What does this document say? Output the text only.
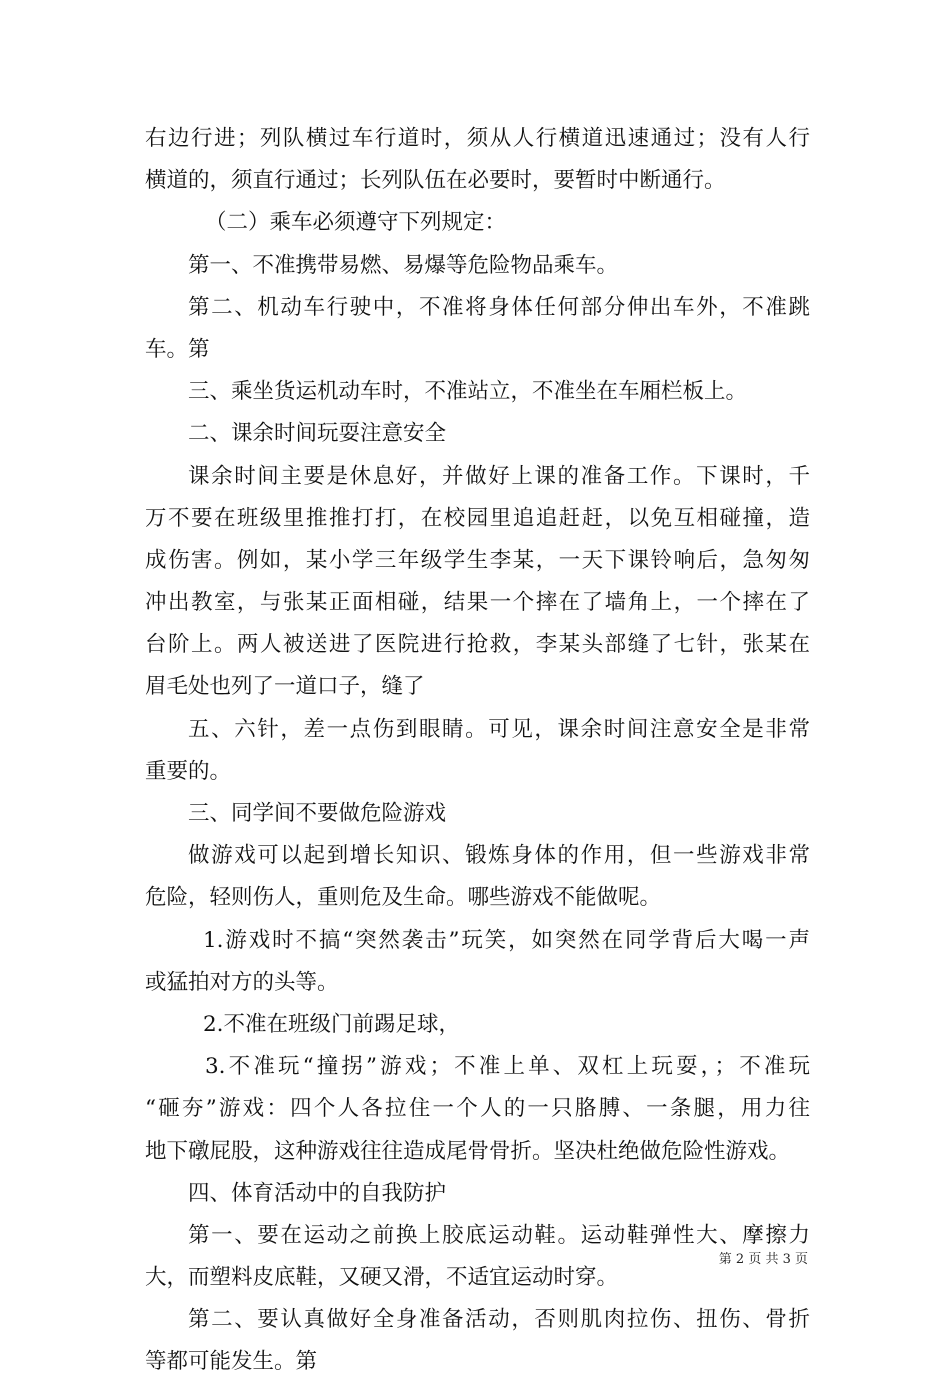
右边行进；列队横过车行道时，须从人行横道迅速通过；没有人行
横道的，须直行通过；长列队伍在必要时，要暂时中断通行。
（二）乘车必须遵守下列规定：
第一、不准携带易燃、易爆等危险物品乘车。
第二、机动车行驶中，不准将身体任何部分伸出车外，不准跳
车。第
三、乘坐货运机动车时，不准站立，不准坐在车厢栏板上。
二、课余时间玩耍注意安全
课余时间主要是休息好，并做好上课的准备工作。下课时，千
万不要在班级里推推打打，在校园里追追赶赶，以免互相碰撞，造
成伤害。例如，某小学三年级学生李某，一天下课铃响后，急匆匆
冲出教室，与张某正面相碰，结果一个摔在了墙角上，一个摔在了
台阶上。两人被送进了医院进行抢救，李某头部缝了七针，张某在
眉毛处也列了一道口子，缝了
五、六针，差一点伤到眼睛。可见，课余时间注意安全是非常
重要的。
三、同学间不要做危险游戏
做游戏可以起到增长知识、锻炼身体的作用，但一些游戏非常
危险，轻则伤人，重则危及生命。哪些游戏不能做呢。
1.游戏时不搞“突然袭击”玩笑，如突然在同学背后大喝一声
或猛拍对方的头等。
2.不准在班级门前踢足球，
3.不准玩“撞拐”游戏；不准上单、双杠上玩耍，；不准玩
“砸夯”游戏：四个人各拉住一个人的一只胳膊、一条腿，用力往
地下礅屁股，这种游戏往往造成尾骨骨折。坚决杜绝做危险性游戏。
四、体育活动中的自我防护
第一、要在运动之前换上胶底运动鞋。运动鞋弹性大、摩擦力
大，而塑料皮底鞋，又硬又滑，不适宜运动时穿。
第二、要认真做好全身准备活动，否则肌肉拉伤、扭伤、骨折
等都可能发生。第
第 2 页 共 3 页
